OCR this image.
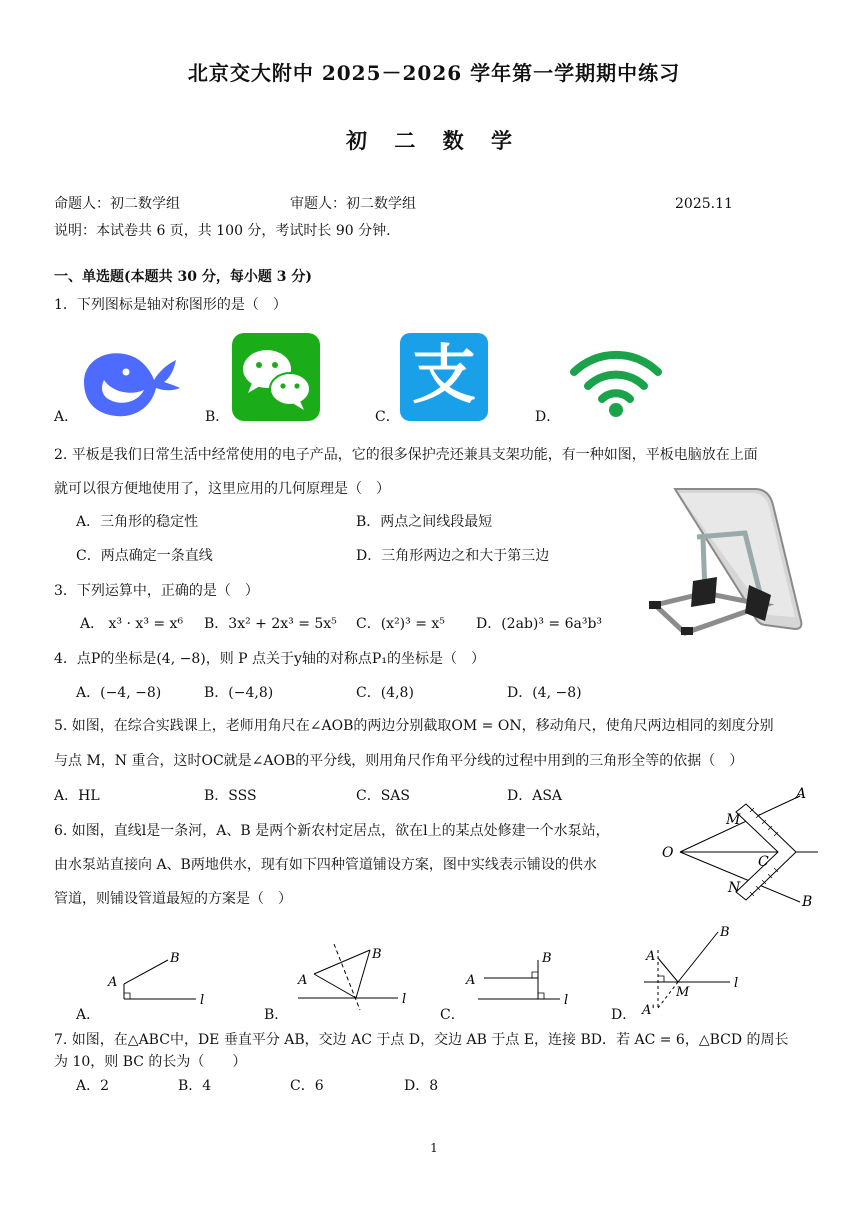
北京交大附中 2025－2026 学年第一学期期中练习
初 二 数 学
命题人：初二数学组	审题人：初二数学组	2025.11
说明：本试卷共 6 页，共 100 分，考试时长 90 分钟.
一、单选题(本题共 30 分，每小题 3 分)
1．下列图标是轴对称图形的是（　）
A．	B．	C．	D．
支
2. 平板是我们日常生活中经常使用的电子产品，它的很多保护壳还兼具支架功能，有一种如图，平板电脑放在上面
就可以很方便地使用了，这里应用的几何原理是（　）
A．三角形的稳定性	B．两点之间线段最短
C．两点确定一条直线	D．三角形两边之和大于第三边
3．下列运算中，正确的是（　）
A． x³ · x³ = x⁶ B．3x² + 2x³ = 5x⁵ C．(x²)³ = x⁵ D．(2ab)³ = 6a³b³
4．点P的坐标是(4, −8)，则 P 点关于y轴的对称点P₁的坐标是（　）
A．(−4, −8)	B．(−4,8)	C．(4,8)	D．(4, −8)
5. 如图，在综合实践课上，老师用角尺在∠AOB的两边分别截取OM = ON，移动角尺，使角尺两边相同的刻度分别
与点 M，N 重合，这时OC就是∠AOB的平分线，则用角尺作角平分线的过程中用到的三角形全等的依据（　）
A．HL	B．SSS	C．SAS	D．ASA	A
B
O
M
N
C
6. 如图，直线l是一条河，A、B 是两个新农村定居点，欲在l上的某点处修建一个水泵站，
由水泵站直接向 A、B两地供水，现有如下四种管道铺设方案，图中实线表示铺设的供水
管道，则铺设管道最短的方案是（　）
A．	B．	C．	D．
A
B
l
A
B
l
A
B
l
A
B
M
A'
l
7. 如图，在△ABC中，DE 垂直平分 AB，交边 AC 于点 D，交边 AB 于点 E，连接 BD．若 AC = 6，△BCD 的周长
为 10，则 BC 的长为（　　）
A．2	B．4	C．6	D．8
1
